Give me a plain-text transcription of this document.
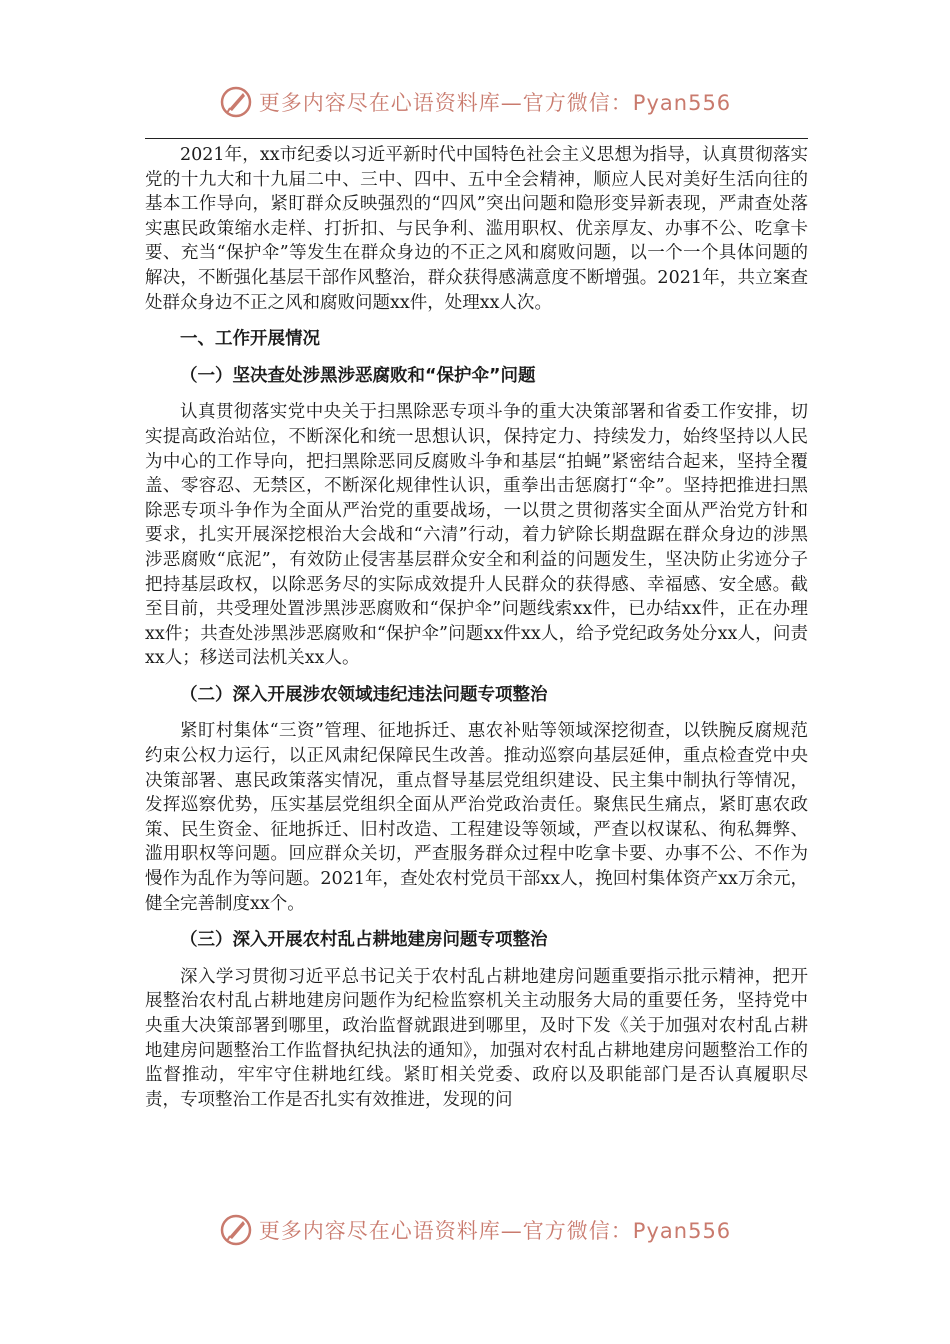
更多内容尽在心语资料库—官方微信：Pyan556

2021年，xx市纪委以习近平新时代中国特色社会主义思想为指导，认真贯彻落实党的十九大和十九届二中、三中、四中、五中全会精神，顺应人民对美好生活向往的基本工作导向，紧盯群众反映强烈的“四风”突出问题和隐形变异新表现，严肃查处落实惠民政策缩水走样、打折扣、与民争利、滥用职权、优亲厚友、办事不公、吃拿卡要、充当“保护伞”等发生在群众身边的不正之风和腐败问题，以一个一个具体问题的解决，不断强化基层干部作风整治，群众获得感满意度不断增强。2021年，共立案查处群众身边不正之风和腐败问题xx件，处理xx人次。

一、工作开展情况
（一）坚决查处涉黑涉恶腐败和“保护伞”问题

认真贯彻落实党中央关于扫黑除恶专项斗争的重大决策部署和省委工作安排，切实提高政治站位，不断深化和统一思想认识，保持定力、持续发力，始终坚持以人民为中心的工作导向，把扫黑除恶同反腐败斗争和基层“拍蝇”紧密结合起来，坚持全覆盖、零容忍、无禁区，不断深化规律性认识，重拳出击惩腐打“伞”。坚持把推进扫黑除恶专项斗争作为全面从严治党的重要战场，一以贯之贯彻落实全面从严治党方针和要求，扎实开展深挖根治大会战和“六清”行动，着力铲除长期盘踞在群众身边的涉黑涉恶腐败“底泥”，有效防止侵害基层群众安全和利益的问题发生，坚决防止劣迹分子把持基层政权，以除恶务尽的实际成效提升人民群众的获得感、幸福感、安全感。截至目前，共受理处置涉黑涉恶腐败和“保护伞”问题线索xx件，已办结xx件，正在办理xx件；共查处涉黑涉恶腐败和“保护伞”问题xx件xx人，给予党纪政务处分xx人，问责xx人；移送司法机关xx人。

（二）深入开展涉农领域违纪违法问题专项整治

紧盯村集体“三资”管理、征地拆迁、惠农补贴等领域深挖彻查，以铁腕反腐规范约束公权力运行，以正风肃纪保障民生改善。推动巡察向基层延伸，重点检查党中央决策部署、惠民政策落实情况，重点督导基层党组织建设、民主集中制执行等情况，发挥巡察优势，压实基层党组织全面从严治党政治责任。聚焦民生痛点，紧盯惠农政策、民生资金、征地拆迁、旧村改造、工程建设等领域，严查以权谋私、徇私舞弊、滥用职权等问题。回应群众关切，严查服务群众过程中吃拿卡要、办事不公、不作为慢作为乱作为等问题。2021年，查处农村党员干部xx人，挽回村集体资产xx万余元，健全完善制度xx个。

（三）深入开展农村乱占耕地建房问题专项整治

深入学习贯彻习近平总书记关于农村乱占耕地建房问题重要指示批示精神，把开展整治农村乱占耕地建房问题作为纪检监察机关主动服务大局的重要任务，坚持党中央重大决策部署到哪里，政治监督就跟进到哪里，及时下发《关于加强对农村乱占耕地建房问题整治工作监督执纪执法的通知》，加强对农村乱占耕地建房问题整治工作的监督推动，牢牢守住耕地红线。紧盯相关党委、政府以及职能部门是否认真履职尽责，专项整治工作是否扎实有效推进，发现的问

更多内容尽在心语资料库—官方微信：Pyan556
